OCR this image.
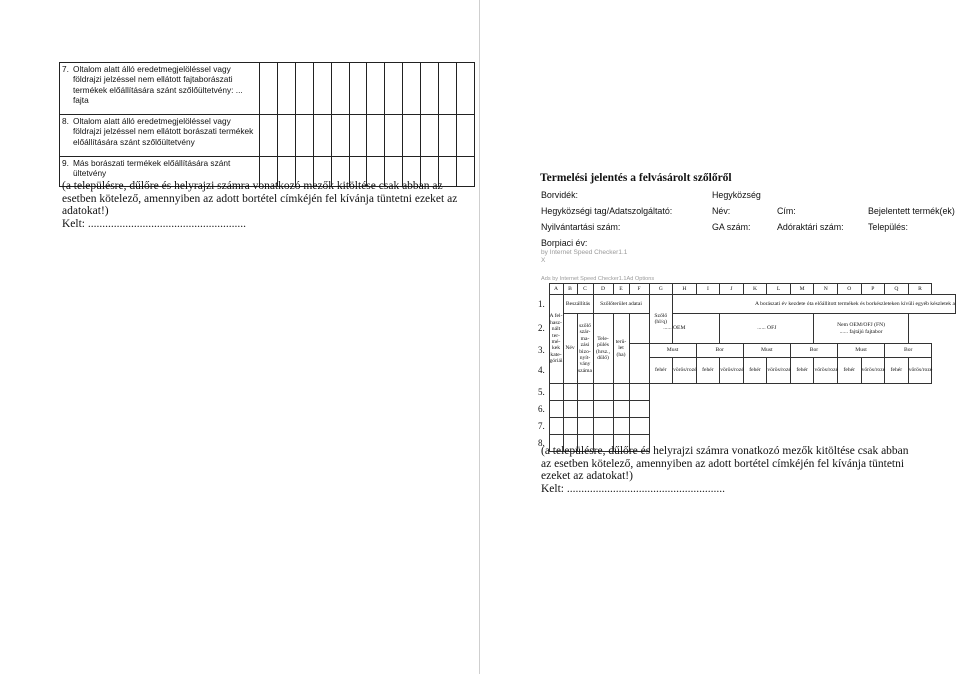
7. Oltalom alatt álló eredetmegjelöléssel vagy földrajzi jelzéssel nem ellátott fajtaborászati termékek előállítására szánt szőlőültetvény: ... fajta												

8. Oltalom alatt álló eredetmegjelöléssel vagy földrajzi jelzéssel nem ellátott borászati termékek előállítására szánt szőlőültetvény												

9. Más borászati termékek előállítására szánt ültetvény												

(a településre, dűlőre és helyrajzi számra vonatkozó mezők kitöltése csak abban az esetben kötelező, amennyiben az adott bortétel címkéjén fel kívánja tüntetni ezeket az adatokat!)
Kelt: .......................................................
Termelési jelentés a felvásárolt szőlőről
Borvidék:	Hegyközség
Hegyközségi tag/Adatszolgáltató:	Név:	Cím:	Bejelentett termék(ek)
Nyilvántartási szám:	GA szám:	Adóraktári szám:	Település:
Borpiaci év:
by Internet Speed Checker1.1
X
Ads by Internet Speed Checker1.1Ad Options
	A	B	C	D	E	F	G	H	I	J	K	L	M	N	O	P	Q	R
1.	A fel-hasz-nált ter-mé-kek kate-góriái	Beszállítás		Szőlőterület adatai			Szőlő (hl/q)	A borászati év kezdete óta előállított termékek és borkészleteken kívüli egyéb készletek a										
2.		Név	szőlő szár-ma-zási bizo-nyít-vány száma	Tele-pülés (hrsz., dűlő)	terü-let (ha)	...... OEM				...... OFJ				Nem OEM/OFJ (FN)
...... fajtájú fajtabor				

3.							Must		Bor		Must		Bor		Must		Bor	
4.							fehér	vörös/rozé	fehér	vörös/rozé	fehér	vörös/rozé	fehér	vörös/rozé	fehér	vörös/rozé	fehér	vörös/rozé
5.																		
6.																		
7.																		
8.																		
(a településre, dűlőre és helyrajzi számra vonatkozó mezők kitöltése csak abban az esetben kötelező, amennyiben az adott bortétel címkéjén fel kívánja tüntetni ezeket az adatokat!)
Kelt: .......................................................
